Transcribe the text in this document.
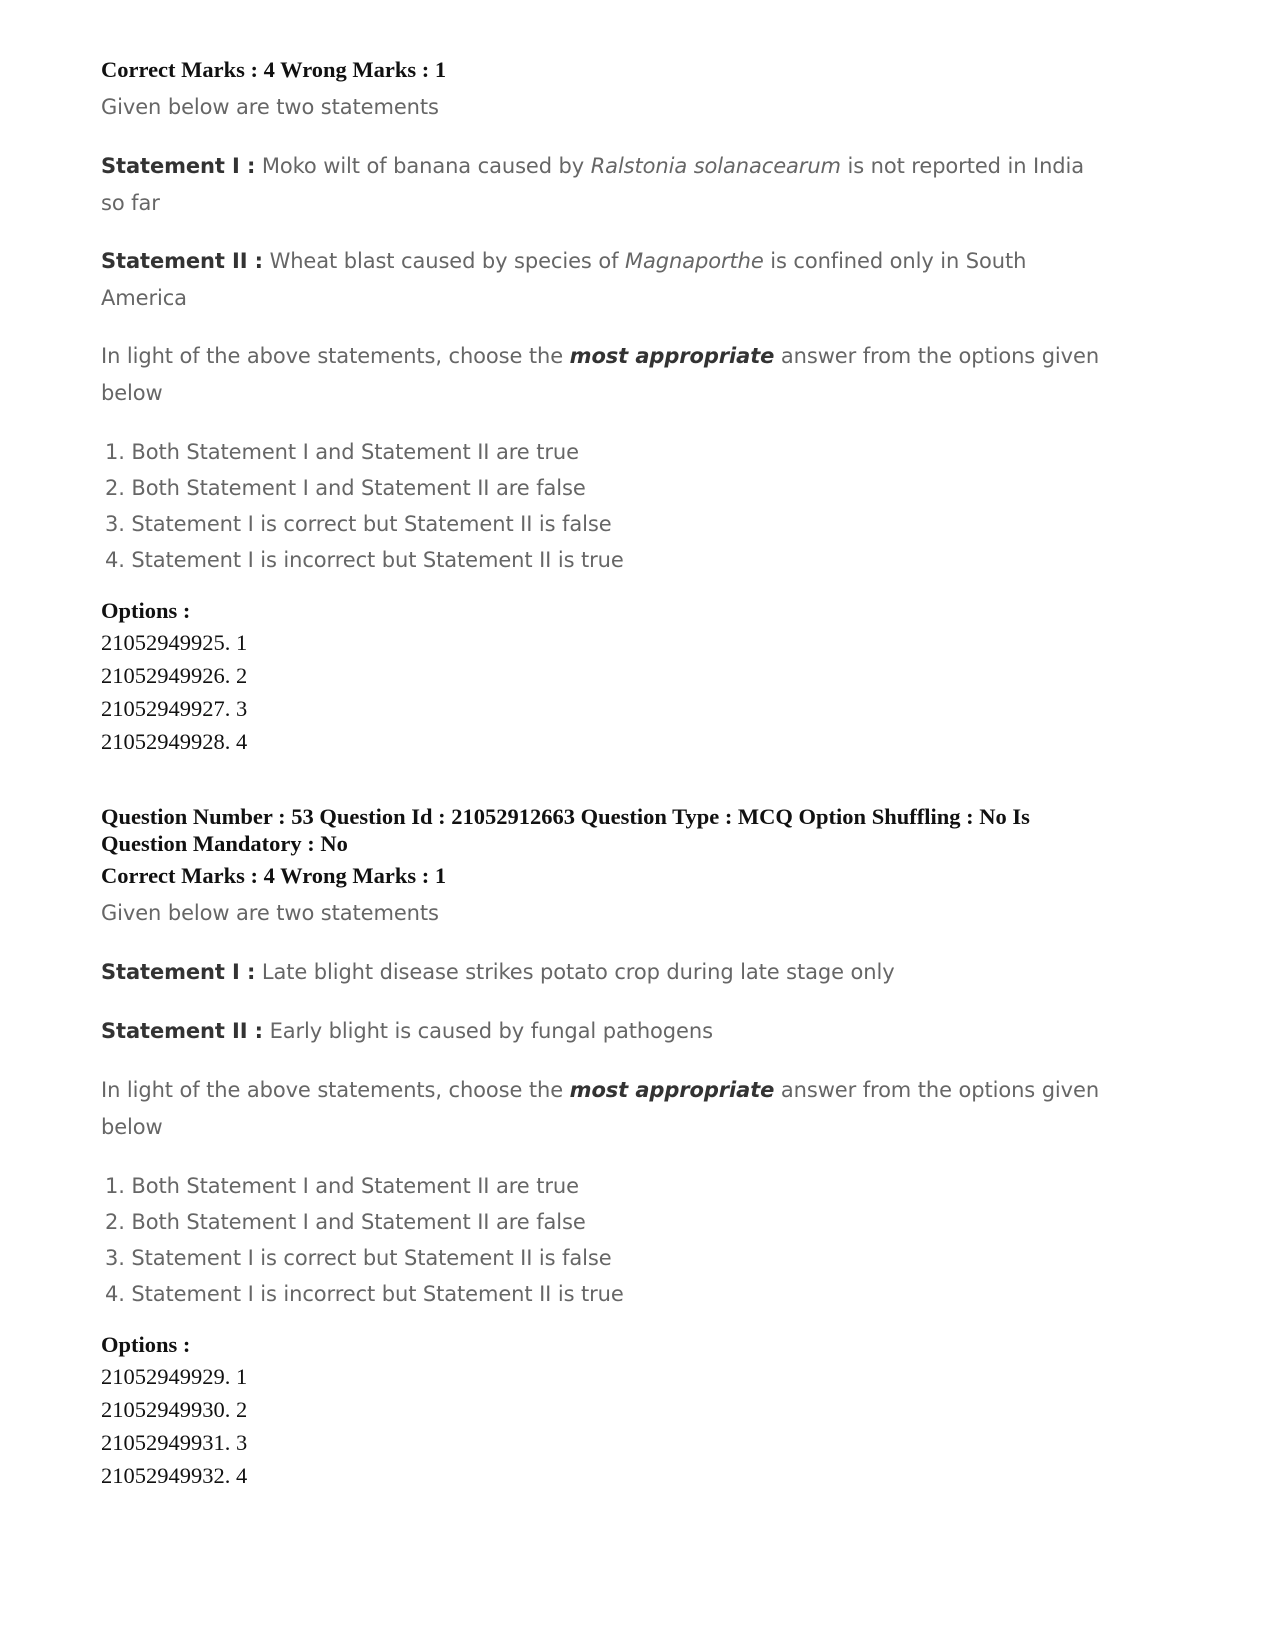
Correct Marks : 4 Wrong Marks : 1
Given below are two statements
Statement I : Moko wilt of banana caused by Ralstonia solanacearum is not reported in India so far
Statement II : Wheat blast caused by species of Magnaporthe is confined only in South America
In light of the above statements, choose the most appropriate answer from the options given below
1. Both Statement I and Statement II are true
2. Both Statement I and Statement II are false
3. Statement I is correct but Statement II is false
4. Statement I is incorrect but Statement II is true
Options :
21052949925. 1
21052949926. 2
21052949927. 3
21052949928. 4
Question Number : 53 Question Id : 21052912663 Question Type : MCQ Option Shuffling : No Is Question Mandatory : No
Correct Marks : 4 Wrong Marks : 1
Given below are two statements
Statement I : Late blight disease strikes potato crop during late stage only
Statement II : Early blight is caused by fungal pathogens
In light of the above statements, choose the most appropriate answer from the options given below
1. Both Statement I and Statement II are true
2. Both Statement I and Statement II are false
3. Statement I is correct but Statement II is false
4. Statement I is incorrect but Statement II is true
Options :
21052949929. 1
21052949930. 2
21052949931. 3
21052949932. 4
